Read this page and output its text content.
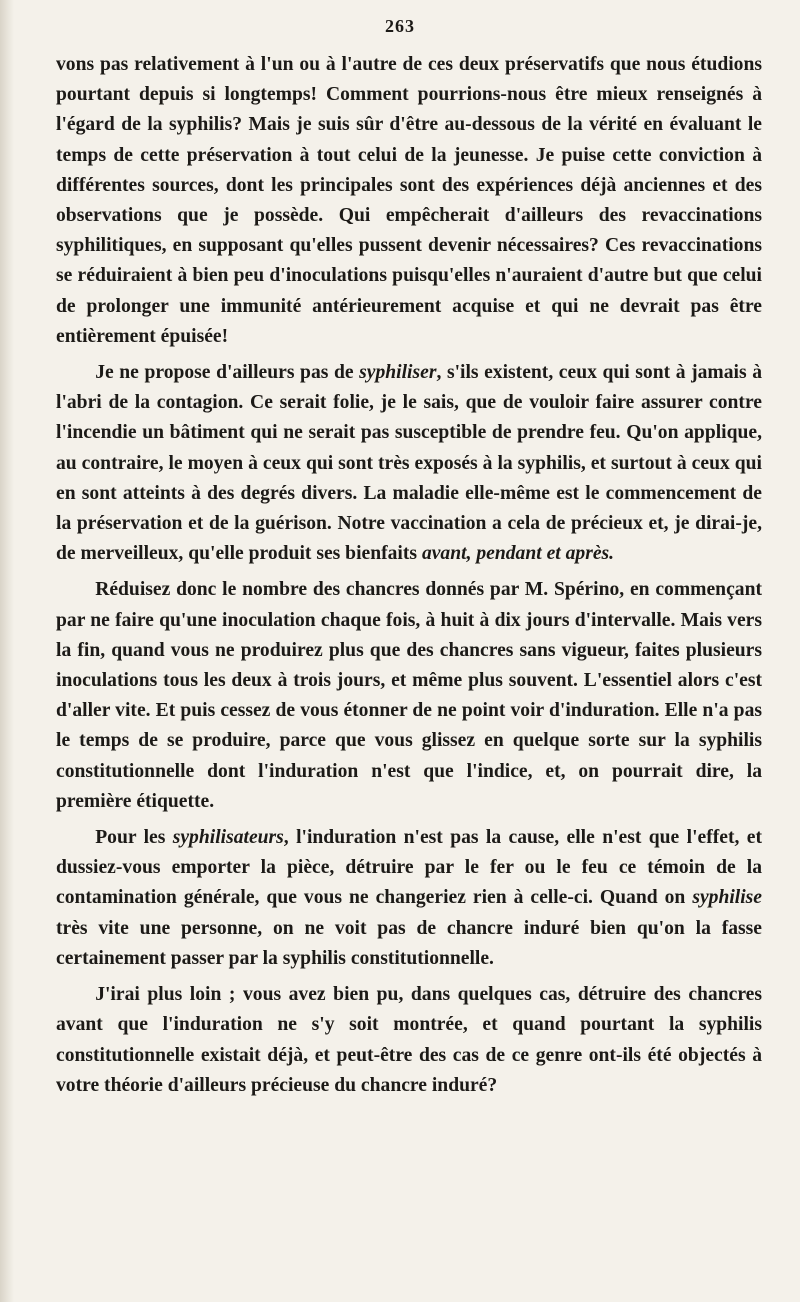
263

vons pas relativement à l'un ou à l'autre de ces deux préservatifs que nous étudions pourtant depuis si longtemps! Comment pourrions-nous être mieux renseignés à l'égard de la syphilis? Mais je suis sûr d'être au-dessous de la vérité en évaluant le temps de cette préservation à tout celui de la jeunesse. Je puise cette conviction à différentes sources, dont les principales sont des expériences déjà anciennes et des observations que je possède. Qui empêcherait d'ailleurs des revaccinations syphilitiques, en supposant qu'elles pussent devenir nécessaires? Ces revaccinations se réduiraient à bien peu d'inoculations puisqu'elles n'auraient d'autre but que celui de prolonger une immunité antérieurement acquise et qui ne devrait pas être entièrement épuisée!

Je ne propose d'ailleurs pas de syphiliser, s'ils existent, ceux qui sont à jamais à l'abri de la contagion. Ce serait folie, je le sais, que de vouloir faire assurer contre l'incendie un bâtiment qui ne serait pas susceptible de prendre feu. Qu'on applique, au contraire, le moyen à ceux qui sont très exposés à la syphilis, et surtout à ceux qui en sont atteints à des degrés divers. La maladie elle-même est le commencement de la préservation et de la guérison. Notre vaccination a cela de précieux et, je dirai-je, de merveilleux, qu'elle produit ses bienfaits avant, pendant et après.

Réduisez donc le nombre des chancres donnés par M. Spérino, en commençant par ne faire qu'une inoculation chaque fois, à huit à dix jours d'intervalle. Mais vers la fin, quand vous ne produirez plus que des chancres sans vigueur, faites plusieurs inoculations tous les deux à trois jours, et même plus souvent. L'essentiel alors c'est d'aller vite. Et puis cessez de vous étonner de ne point voir d'induration. Elle n'a pas le temps de se produire, parce que vous glissez en quelque sorte sur la syphilis constitutionnelle dont l'induration n'est que l'indice, et, on pourrait dire, la première étiquette.

Pour les syphilisateurs, l'induration n'est pas la cause, elle n'est que l'effet, et dussiez-vous emporter la pièce, détruire par le fer ou le feu ce témoin de la contamination générale, que vous ne changeriez rien à celle-ci. Quand on syphilise très vite une personne, on ne voit pas de chancre induré bien qu'on la fasse certainement passer par la syphilis constitutionnelle.

J'irai plus loin ; vous avez bien pu, dans quelques cas, détruire des chancres avant que l'induration ne s'y soit montrée, et quand pourtant la syphilis constitutionnelle existait déjà, et peut-être des cas de ce genre ont-ils été objectés à votre théorie d'ailleurs précieuse du chancre induré?
